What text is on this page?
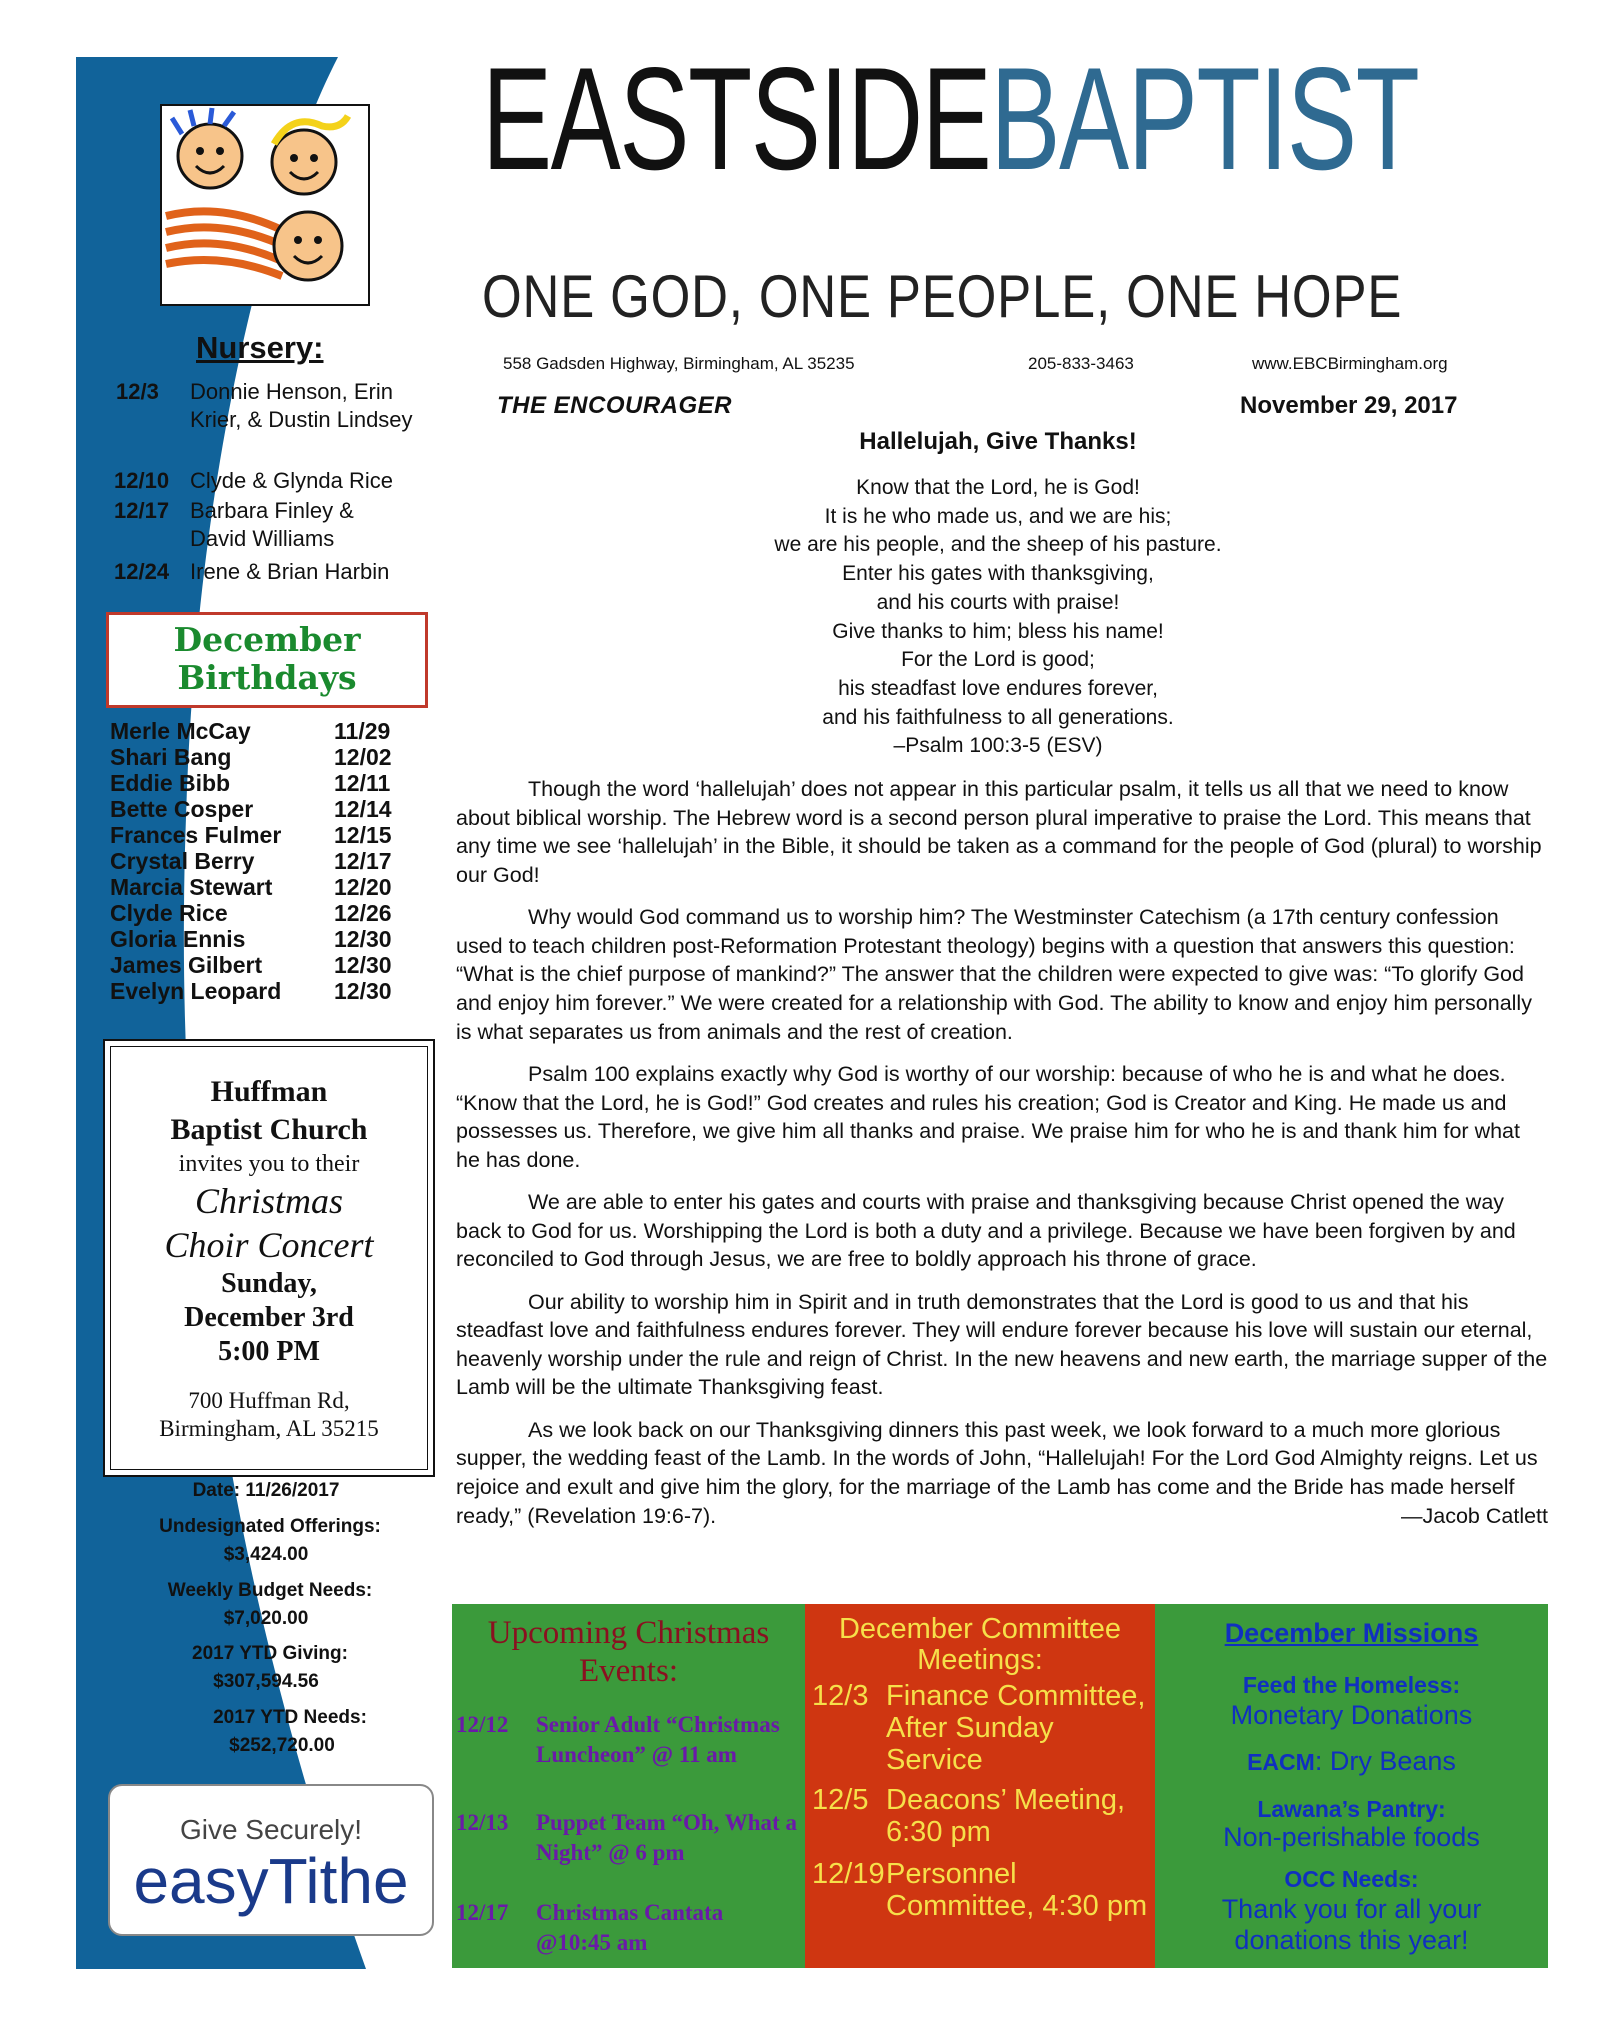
Nursery:
12/3	Donnie Henson, Erin Krier, & Dustin Lindsey
12/10 Clyde & Glynda Rice
12/17 Barbara Finley & David Williams
12/24 Irene & Brian Harbin
December
Birthdays
Merle McCay	11/29
Shari Bang	12/02
Eddie Bibb	12/11
Bette Cosper	12/14
Frances Fulmer 12/15
Crystal Berry	12/17
Marcia Stewart	12/20
Clyde Rice	12/26
Gloria Ennis	12/30
James Gilbert	12/30
Evelyn Leopard 12/30
Huffman
Baptist Church
invites you to their
Christmas
Choir Concert
Sunday,
December 3rd
5:00 PM
700 Huffman Rd,
Birmingham, AL 35215
Date: 11/26/2017
Undesignated Offerings:
$3,424.00
Weekly Budget Needs:
$7,020.00
2017 YTD Giving:
$307,594.56
2017 YTD Needs:
$252,720.00
Give Securely!
easyTithe
EASTSIDEBAPTIST
ONE GOD, ONE PEOPLE, ONE HOPE
558 Gadsden Highway, Birmingham, AL 35235	205-833-3463	www.EBCBirmingham.org
THE ENCOURAGER	November 29, 2017
Hallelujah, Give Thanks!
Know that the Lord, he is God!
It is he who made us, and we are his;
we are his people, and the sheep of his pasture.
Enter his gates with thanksgiving,
and his courts with praise!
Give thanks to him; bless his name!
For the Lord is good;
his steadfast love endures forever,
and his faithfulness to all generations.
–Psalm 100:3-5 (ESV)

Though the word ‘hallelujah’ does not appear in this particular psalm, it tells us all that we need to know about biblical worship. The Hebrew word is a second person plural imperative to praise the Lord. This means that any time we see ‘hallelujah’ in the Bible, it should be taken as a command for the people of God (plural) to worship our God!

Why would God command us to worship him? The Westminster Catechism (a 17th century confession used to teach children post-Reformation Protestant theology) begins with a question that answers this question: “What is the chief purpose of mankind?” The answer that the children were expected to give was: “To glorify God and enjoy him forever.” We were created for a relationship with God. The ability to know and enjoy him personally is what separates us from animals and the rest of creation.

Psalm 100 explains exactly why God is worthy of our worship: because of who he is and what he does. “Know that the Lord, he is God!” God creates and rules his creation; God is Creator and King. He made us and possesses us. Therefore, we give him all thanks and praise. We praise him for who he is and thank him for what he has done.

We are able to enter his gates and courts with praise and thanksgiving because Christ opened the way back to God for us. Worshipping the Lord is both a duty and a privilege. Because we have been forgiven by and reconciled to God through Jesus, we are free to boldly approach his throne of grace.

Our ability to worship him in Spirit and in truth demonstrates that the Lord is good to us and that his steadfast love and faithfulness endures forever. They will endure forever because his love will sustain our eternal, heavenly worship under the rule and reign of Christ. In the new heavens and new earth, the marriage supper of the Lamb will be the ultimate Thanksgiving feast.

As we look back on our Thanksgiving dinners this past week, we look forward to a much more glorious supper, the wedding feast of the Lamb. In the words of John, “Hallelujah! For the Lord God Almighty reigns. Let us rejoice and exult and give him the glory, for the marriage of the Lamb has come and the Bride has made herself ready,” (Revelation 19:6-7).	—Jacob Catlett

Upcoming Christmas Events:
12/12	Senior Adult “Christmas Luncheon” @ 11 am
12/13	Puppet Team “Oh, What a Night” @ 6 pm
12/17	Christmas Cantata @10:45 am
December Committee Meetings:
12/3 Finance Committee, After Sunday Service
12/5 Deacons’ Meeting, 6:30 pm
12/19 Personnel Committee, 4:30 pm
December Missions
Feed the Homeless:
Monetary Donations
EACM: Dry Beans
Lawana’s Pantry:
Non-perishable foods
OCC Needs:
Thank you for all your donations this year!
